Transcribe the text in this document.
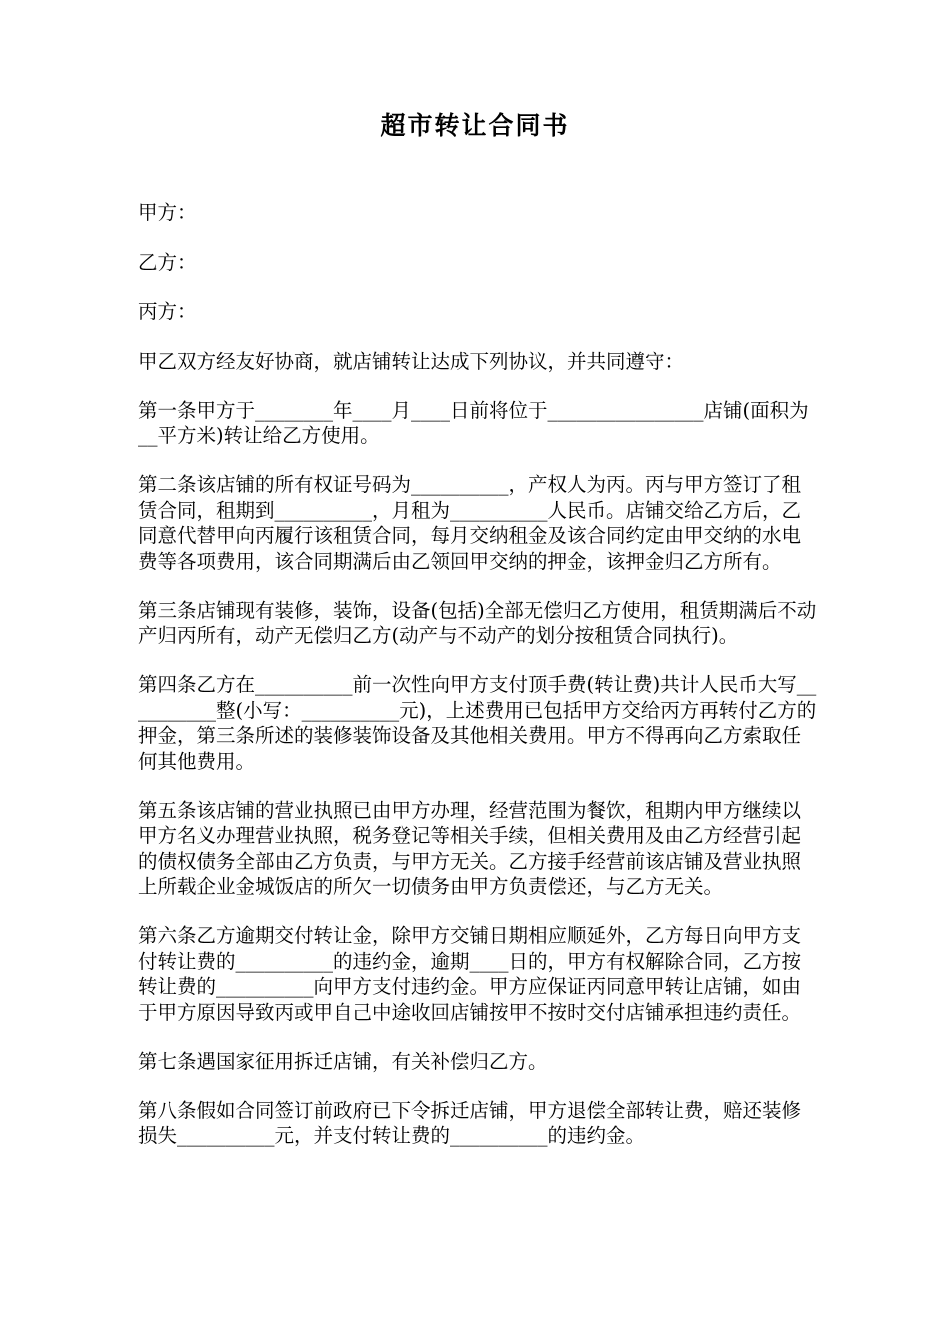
超市转让合同书

甲方：

乙方：

丙方：

甲乙双方经友好协商，就店铺转让达成下列协议，并共同遵守：

第一条甲方于________年____月____日前将位于________________店铺(面积为__平方米)转让给乙方使用。

第二条该店铺的所有权证号码为__________，产权人为丙。丙与甲方签订了租赁合同，租期到__________，月租为__________人民币。店铺交给乙方后，乙同意代替甲向丙履行该租赁合同，每月交纳租金及该合同约定由甲交纳的水电费等各项费用，该合同期满后由乙领回甲交纳的押金，该押金归乙方所有。

第三条店铺现有装修，装饰，设备(包括)全部无偿归乙方使用，租赁期满后不动产归丙所有，动产无偿归乙方(动产与不动产的划分按租赁合同执行)。

第四条乙方在__________前一次性向甲方支付顶手费(转让费)共计人民币大写__________整(小写：__________元)，上述费用已包括甲方交给丙方再转付乙方的押金，第三条所述的装修装饰设备及其他相关费用。甲方不得再向乙方索取任何其他费用。

第五条该店铺的营业执照已由甲方办理，经营范围为餐饮，租期内甲方继续以甲方名义办理营业执照，税务登记等相关手续，但相关费用及由乙方经营引起的债权债务全部由乙方负责，与甲方无关。乙方接手经营前该店铺及营业执照上所载企业金城饭店的所欠一切债务由甲方负责偿还，与乙方无关。

第六条乙方逾期交付转让金，除甲方交铺日期相应顺延外，乙方每日向甲方支付转让费的__________的违约金，逾期____日的，甲方有权解除合同，乙方按转让费的__________向甲方支付违约金。甲方应保证丙同意甲转让店铺，如由于甲方原因导致丙或甲自己中途收回店铺按甲不按时交付店铺承担违约责任。

第七条遇国家征用拆迁店铺，有关补偿归乙方。

第八条假如合同签订前政府已下令拆迁店铺，甲方退偿全部转让费，赔还装修损失__________元，并支付转让费的__________的违约金。
